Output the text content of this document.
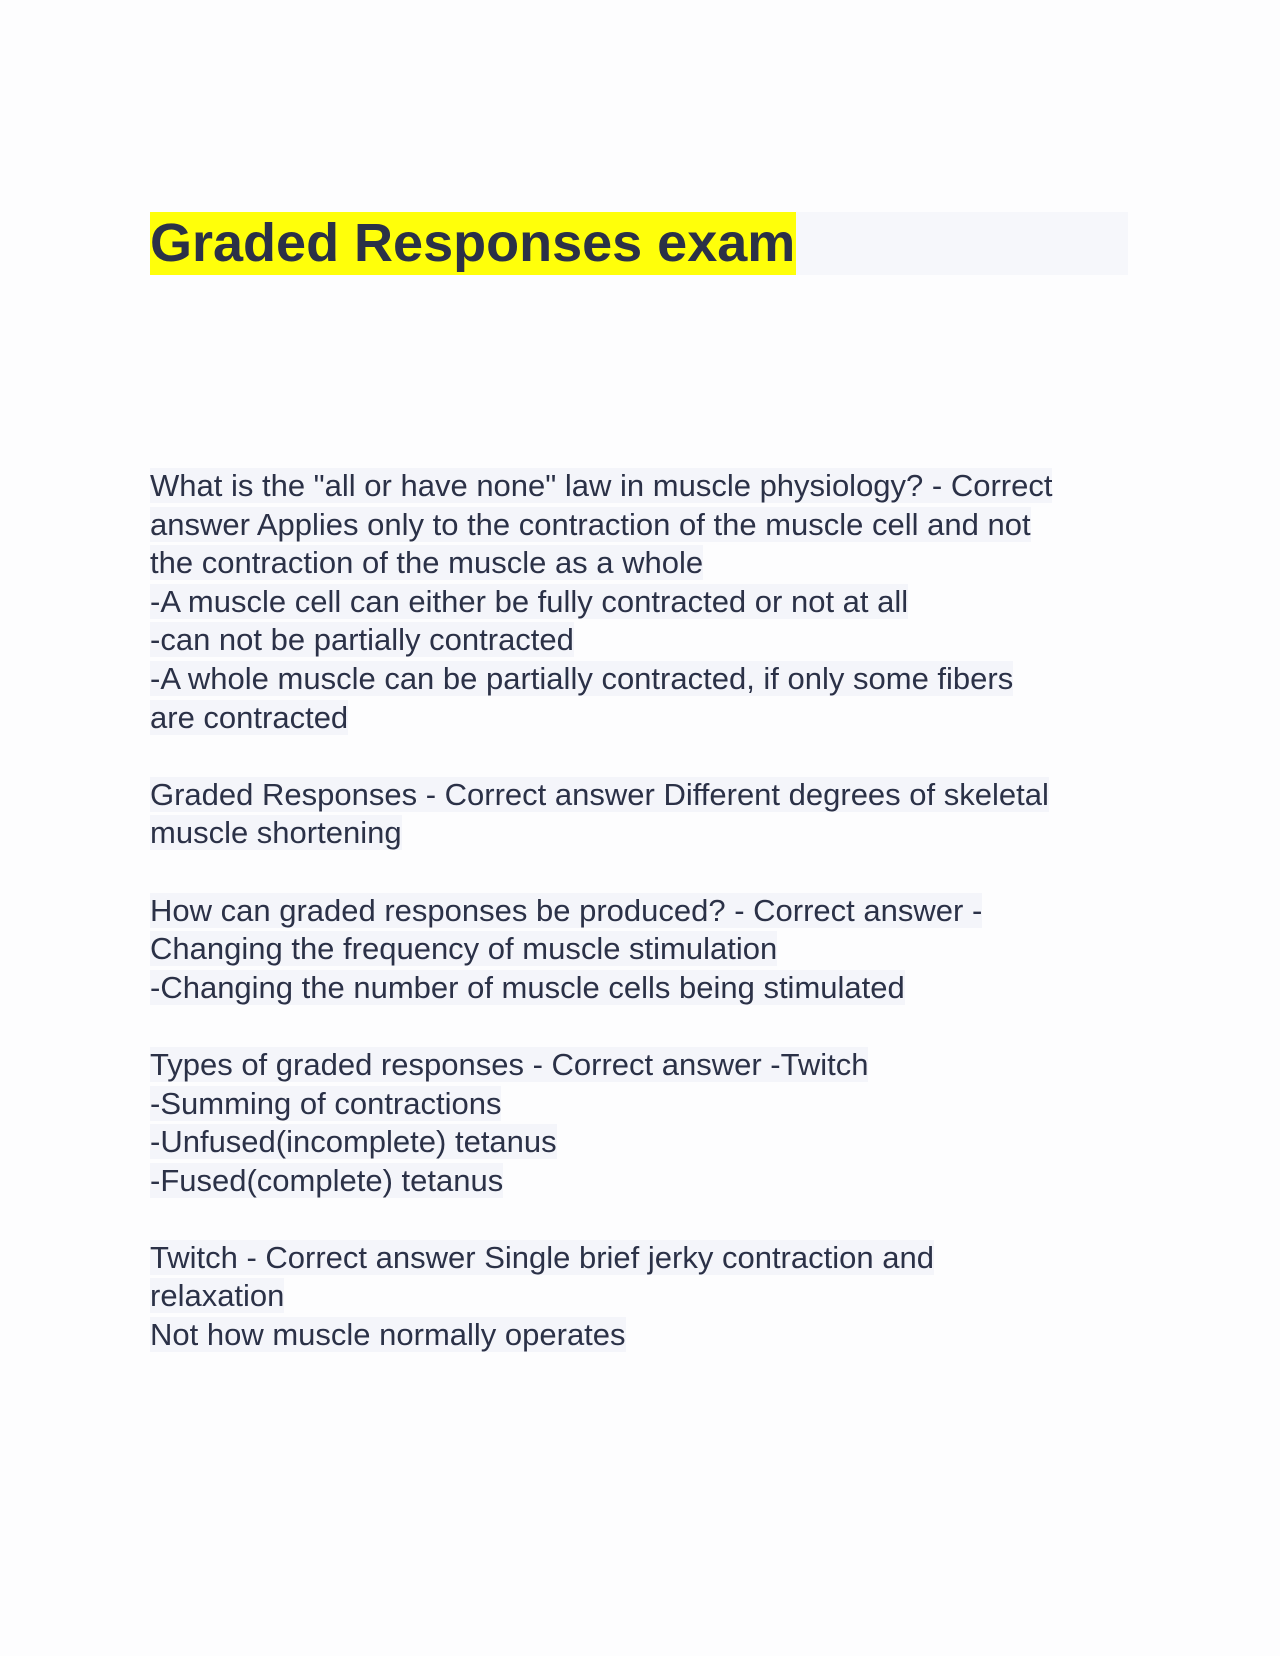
Graded Responses exam
What is the "all or have none" law in muscle physiology? - Correct
answer Applies only to the contraction of the muscle cell and not
the contraction of the muscle as a whole
-A muscle cell can either be fully contracted or not at all
-can not be partially contracted
-A whole muscle can be partially contracted, if only some fibers
are contracted
Graded Responses - Correct answer Different degrees of skeletal
muscle shortening
How can graded responses be produced? - Correct answer -
Changing the frequency of muscle stimulation
-Changing the number of muscle cells being stimulated
Types of graded responses - Correct answer -Twitch
-Summing of contractions
-Unfused(incomplete) tetanus
-Fused(complete) tetanus
Twitch - Correct answer Single brief jerky contraction and
relaxation
Not how muscle normally operates
